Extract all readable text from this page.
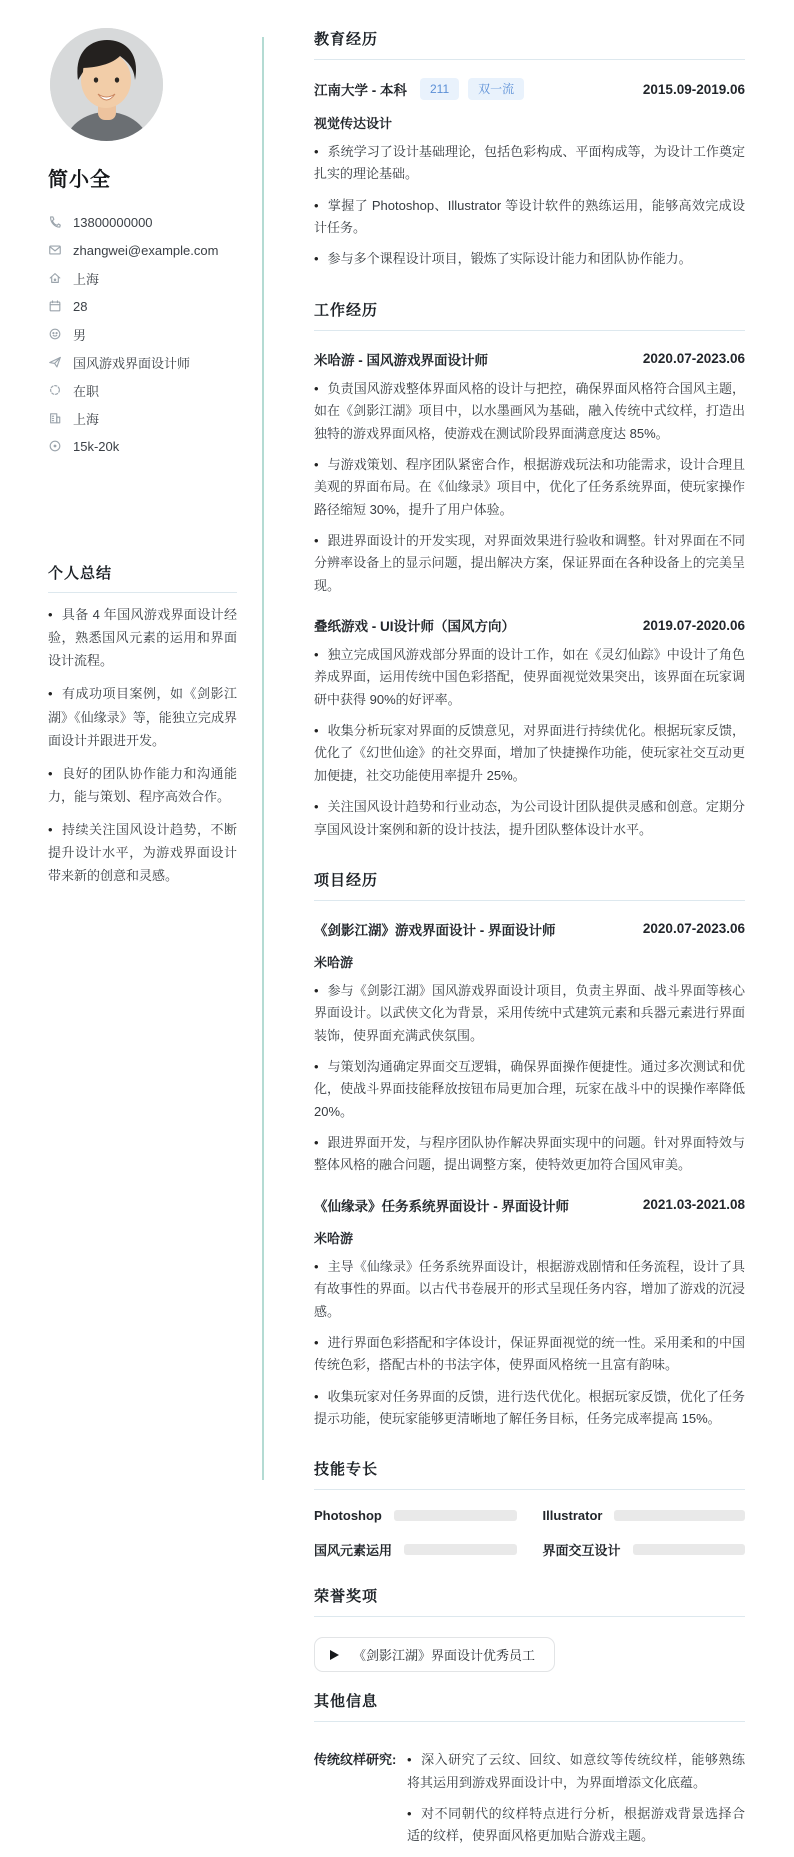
简小全
13800000000
zhangwei@example.com
上海
28
男
国风游戏界面设计师
在职
上海
15k-20k
个人总结

• 具备 4 年国风游戏界面设计经验，熟悉国风元素的运用和界面设计流程。

• 有成功项目案例，如《剑影江湖》《仙缘录》等，能独立完成界面设计并跟进开发。

• 良好的团队协作能力和沟通能力，能与策划、程序高效合作。

• 持续关注国风设计趋势，不断提升设计水平，为游戏界面设计带来新的创意和灵感。

教育经历
江南大学 - 本科	211	双一流	2015.09-2019.06
视觉传达设计

• 系统学习了设计基础理论，包括色彩构成、平面构成等，为设计工作奠定扎实的理论基础。

• 掌握了 Photoshop、Illustrator 等设计软件的熟练运用，能够高效完成设计任务。

• 参与多个课程设计项目，锻炼了实际设计能力和团队协作能力。

工作经历
米哈游 - 国风游戏界面设计师	2020.07-2023.06

• 负责国风游戏整体界面风格的设计与把控，确保界面风格符合国风主题，如在《剑影江湖》项目中，以水墨画风为基础，融入传统中式纹样，打造出独特的游戏界面风格，使游戏在测试阶段界面满意度达 85%。

• 与游戏策划、程序团队紧密合作，根据游戏玩法和功能需求，设计合理且美观的界面布局。在《仙缘录》项目中，优化了任务系统界面，使玩家操作路径缩短 30%，提升了用户体验。

• 跟进界面设计的开发实现，对界面效果进行验收和调整。针对界面在不同分辨率设备上的显示问题，提出解决方案，保证界面在各种设备上的完美呈现。

叠纸游戏 - UI设计师（国风方向）	2019.07-2020.06

• 独立完成国风游戏部分界面的设计工作，如在《灵幻仙踪》中设计了角色养成界面，运用传统中国色彩搭配，使界面视觉效果突出，该界面在玩家调研中获得 90%的好评率。

• 收集分析玩家对界面的反馈意见，对界面进行持续优化。根据玩家反馈，优化了《幻世仙途》的社交界面，增加了快捷操作功能，使玩家社交互动更加便捷，社交功能使用率提升 25%。

• 关注国风设计趋势和行业动态，为公司设计团队提供灵感和创意。定期分享国风设计案例和新的设计技法，提升团队整体设计水平。

项目经历
《剑影江湖》游戏界面设计 - 界面设计师	2020.07-2023.06
米哈游

• 参与《剑影江湖》国风游戏界面设计项目，负责主界面、战斗界面等核心界面设计。以武侠文化为背景，采用传统中式建筑元素和兵器元素进行界面装饰，使界面充满武侠氛围。

• 与策划沟通确定界面交互逻辑，确保界面操作便捷性。通过多次测试和优化，使战斗界面技能释放按钮布局更加合理，玩家在战斗中的误操作率降低 20%。

• 跟进界面开发，与程序团队协作解决界面实现中的问题。针对界面特效与整体风格的融合问题，提出调整方案，使特效更加符合国风审美。

《仙缘录》任务系统界面设计 - 界面设计师	2021.03-2021.08
米哈游

• 主导《仙缘录》任务系统界面设计，根据游戏剧情和任务流程，设计了具有故事性的界面。以古代书卷展开的形式呈现任务内容，增加了游戏的沉浸感。

• 进行界面色彩搭配和字体设计，保证界面视觉的统一性。采用柔和的中国传统色彩，搭配古朴的书法字体，使界面风格统一且富有韵味。

• 收集玩家对任务界面的反馈，进行迭代优化。根据玩家反馈，优化了任务提示功能，使玩家能够更清晰地了解任务目标，任务完成率提高 15%。

技能专长
Photoshop	Illustrator
国风元素运用	界面交互设计
荣誉奖项
《剑影江湖》界面设计优秀员工
其他信息
传统纹样研究:	• 深入研究了云纹、回纹、如意纹等传统纹样，能够熟练将其运用到游戏界面设计中，为界面增添文化底蕴。

• 对不同朝代的纹样特点进行分析，根据游戏背景选择合适的纹样，使界面风格更加贴合游戏主题。
